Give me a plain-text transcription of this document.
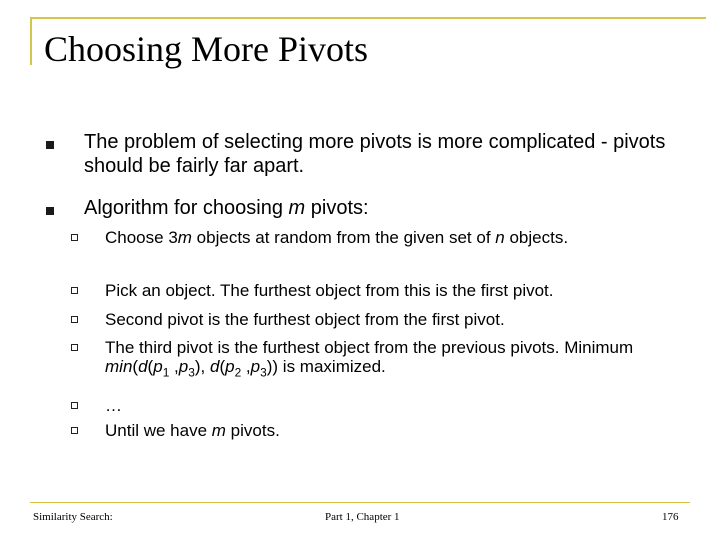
Choosing More Pivots
The problem of selecting more pivots is more complicated - pivots should be fairly far apart.
Algorithm for choosing m pivots:
Choose 3m objects at random from the given set of n objects.
Pick an object. The furthest object from this is the first pivot.
Second pivot is the furthest object from the first pivot.
The third pivot is the furthest object from the previous pivots. Minimum $\min(d(p_1$ $,p_3$), $d(p_2$ $,p_3$)) is maximized.
…
Until we have m pivots.
Similarity Search:	Part 1, Chapter 1	176
